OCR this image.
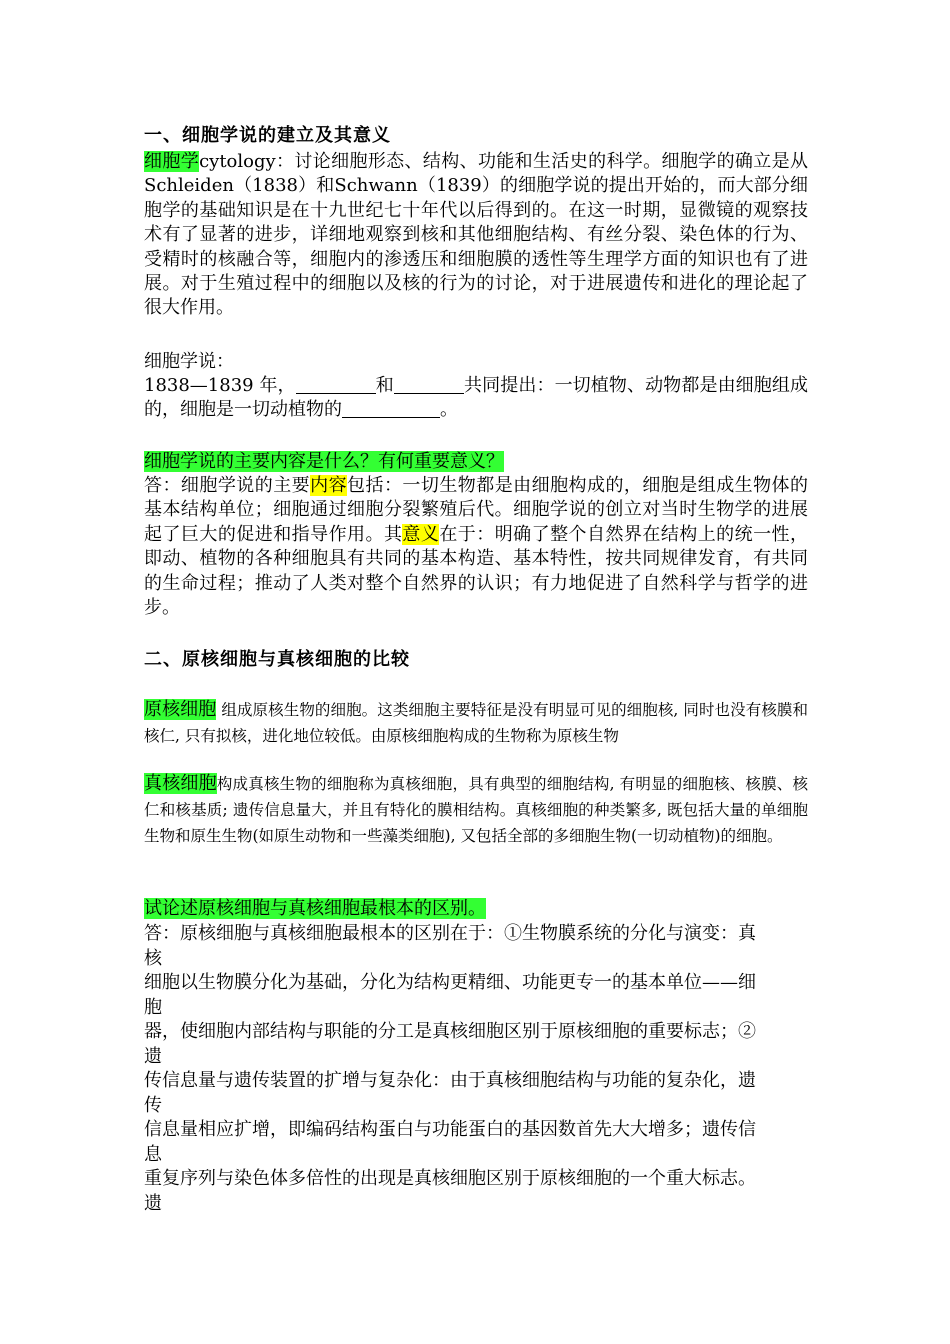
一、细胞学说的建立及其意义

细胞学cytology：讨论细胞形态、结构、功能和生活史的科学。细胞学的确立是从Schleiden（1838）和Schwann（1839）的细胞学说的提出开始的，而大部分细胞学的基础知识是在十九世纪七十年代以后得到的。在这一时期，显微镜的观察技术有了显著的进步，详细地观察到核和其他细胞结构、有丝分裂、染色体的行为、受精时的核融合等，细胞内的渗透压和细胞膜的透性等生理学方面的知识也有了进展。对于生殖过程中的细胞以及核的行为的讨论，对于进展遗传和进化的理论起了很大作用。

细胞学说：

1838—1839 年，	和	共同提出：一切植物、动物都是由细胞组成的，细胞是一切动植物的	。

细胞学说的主要内容是什么？有何重要意义？

答：细胞学说的主要内容包括：一切生物都是由细胞构成的，细胞是组成生物体的基本结构单位；细胞通过细胞分裂繁殖后代。细胞学说的创立对当时生物学的进展起了巨大的促进和指导作用。其意义在于：明确了整个自然界在结构上的统一性，即动、植物的各种细胞具有共同的基本构造、基本特性，按共同规律发育，有共同的生命过程；推动了人类对整个自然界的认识；有力地促进了自然科学与哲学的进步。

二、原核细胞与真核细胞的比较

原核细胞 组成原核生物的细胞。这类细胞主要特征是没有明显可见的细胞核, 同时也没有核膜和核仁, 只有拟核，进化地位较低。由原核细胞构成的生物称为原核生物

真核细胞构成真核生物的细胞称为真核细胞，具有典型的细胞结构, 有明显的细胞核、核膜、核仁和核基质; 遗传信息量大，并且有特化的膜相结构。真核细胞的种类繁多, 既包括大量的单细胞生物和原生生物(如原生动物和一些藻类细胞), 又包括全部的多细胞生物(一切动植物)的细胞。

试论述原核细胞与真核细胞最根本的区别。
答：原核细胞与真核细胞最根本的区别在于：①生物膜系统的分化与演变：真
核
细胞以生物膜分化为基础，分化为结构更精细、功能更专一的基本单位——细
胞
器，使细胞内部结构与职能的分工是真核细胞区别于原核细胞的重要标志；②
遗
传信息量与遗传装置的扩增与复杂化：由于真核细胞结构与功能的复杂化，遗
传
信息量相应扩增，即编码结构蛋白与功能蛋白的基因数首先大大增多；遗传信
息
重复序列与染色体多倍性的出现是真核细胞区别于原核细胞的一个重大标志。
遗
